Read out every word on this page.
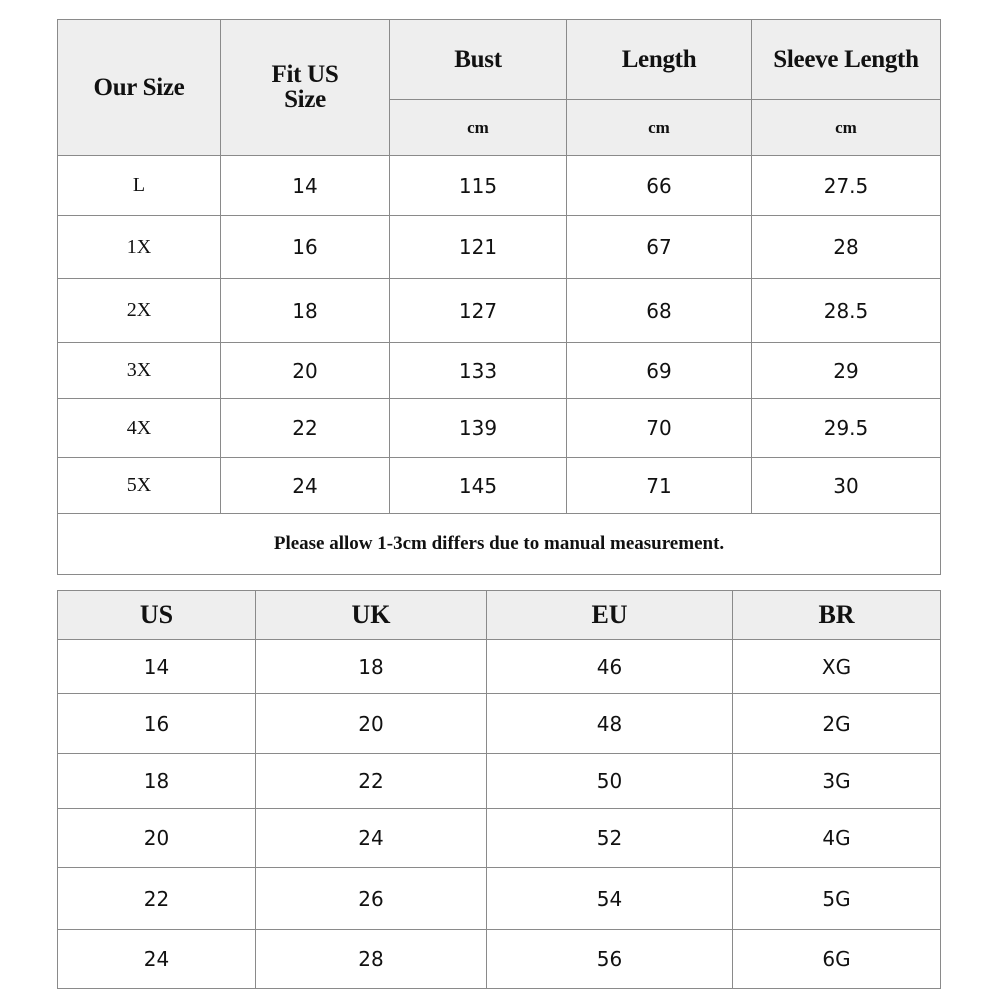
Our Size	Fit US Size	Bust	Length	Sleeve Length
		cm	cm	cm
L	14	115	66	27.5
1X	16	121	67	28
2X	18	127	68	28.5
3X	20	133	69	29
4X	22	139	70	29.5
5X	24	145	71	30
Please allow 1-3cm differs due to manual measurement.				
US	UK	EU	BR
14	18	46	XG
16	20	48	2G
18	22	50	3G
20	24	52	4G
22	26	54	5G
24	28	56	6G
